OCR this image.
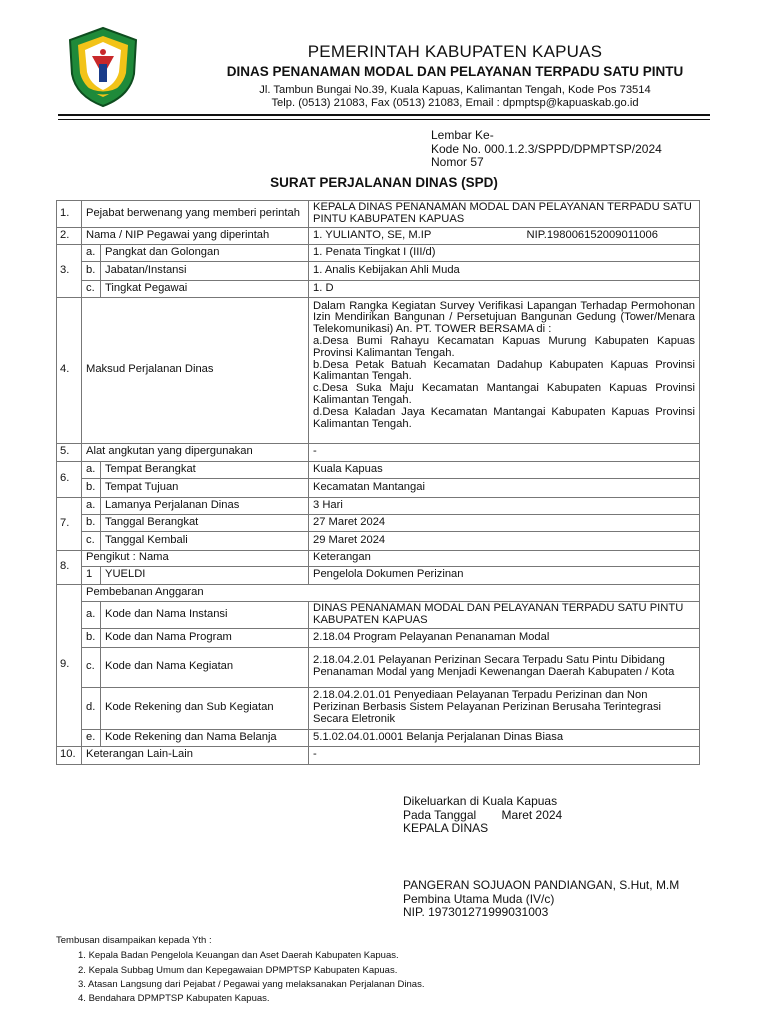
PEMERINTAH KABUPATEN KAPUAS
DINAS PENANAMAN MODAL DAN PELAYANAN TERPADU SATU PINTU
Jl. Tambun Bungai No.39, Kuala Kapuas, Kalimantan Tengah, Kode Pos 73514
Telp. (0513) 21083, Fax (0513) 21083, Email : dpmptsp@kapuaskab.go.id
Lembar Ke-
Kode No. 000.1.2.3/SPPD/DPMPTSP/2024
Nomor 57
SURAT PERJALANAN DINAS (SPD)
1.	Pejabat berwenang yang memberi perintah		KEPALA DINAS PENANAMAN MODAL DAN PELAYANAN TERPADU SATU PINTU KABUPATEN KAPUAS
2.	Nama / NIP Pegawai yang diperintah		1. YULIANTO, SE, M.IP NIP.198006152009011006

3.	a.	Pangkat dan Golongan	1. Penata Tingkat I (III/d)
	b.	Jabatan/Instansi	1. Analis Kebijakan Ahli Muda
	c.	Tingkat Pegawai	1. D
4.	Maksud Perjalanan Dinas		Dalam Rangka Kegiatan Survey Verifikasi Lapangan Terhadap Permohonan Izin Mendirikan Bangunan / Persetujuan Bangunan Gedung (Tower/Menara Telekomunikasi) An. PT. TOWER BERSAMA di :
a.Desa Bumi Rahayu Kecamatan Kapuas Murung Kabupaten Kapuas Provinsi Kalimantan Tengah.
b.Desa Petak Batuah Kecamatan Dadahup Kabupaten Kapuas Provinsi Kalimantan Tengah.
c.Desa Suka Maju Kecamatan Mantangai Kabupaten Kapuas Provinsi Kalimantan Tengah.
d.Desa Kaladan Jaya Kecamatan Mantangai Kabupaten Kapuas Provinsi Kalimantan Tengah.

5.	Alat angkutan yang dipergunakan		-
6.	a.	Tempat Berangkat	Kuala Kapuas
	b.	Tempat Tujuan	Kecamatan Mantangai
7.	a.	Lamanya Perjalanan Dinas	3 Hari
	b.	Tanggal Berangkat	27 Maret 2024
	c.	Tanggal Kembali	29 Maret 2024
8.	Pengikut : Nama		Keterangan
	1	YUELDI	Pengelola Dokumen Perizinan
9.	Pembebanan Anggaran		
	a.	Kode dan Nama Instansi	DINAS PENANAMAN MODAL DAN PELAYANAN TERPADU SATU PINTU KABUPATEN KAPUAS
	b.	Kode dan Nama Program	2.18.04 Program Pelayanan Penanaman Modal
	c.	Kode dan Nama Kegiatan	2.18.04.2.01 Pelayanan Perizinan Secara Terpadu Satu Pintu Dibidang Penanaman Modal yang Menjadi Kewenangan Daerah Kabupaten / Kota
	d.	Kode Rekening dan Sub Kegiatan	2.18.04.2.01.01 Penyediaan Pelayanan Terpadu Perizinan dan Non Perizinan Berbasis Sistem Pelayanan Perizinan Berusaha Terintegrasi Secara Eletronik
	e.	Kode Rekening dan Nama Belanja	5.1.02.04.01.0001 Belanja Perjalanan Dinas Biasa
10.	Keterangan Lain-Lain		-
Dikeluarkan di Kuala Kapuas
Pada Tanggal Maret 2024
KEPALA DINAS
PANGERAN SOJUAON PANDIANGAN, S.Hut, M.M
Pembina Utama Muda (IV/c)
NIP. 197301271999031003
Tembusan disampaikan kepada Yth :
1. Kepala Badan Pengelola Keuangan dan Aset Daerah Kabupaten Kapuas.
2. Kepala Subbag Umum dan Kepegawaian DPMPTSP Kabupaten Kapuas.
3. Atasan Langsung dari Pejabat / Pegawai yang melaksanakan Perjalanan Dinas.
4. Bendahara DPMPTSP Kabupaten Kapuas.
